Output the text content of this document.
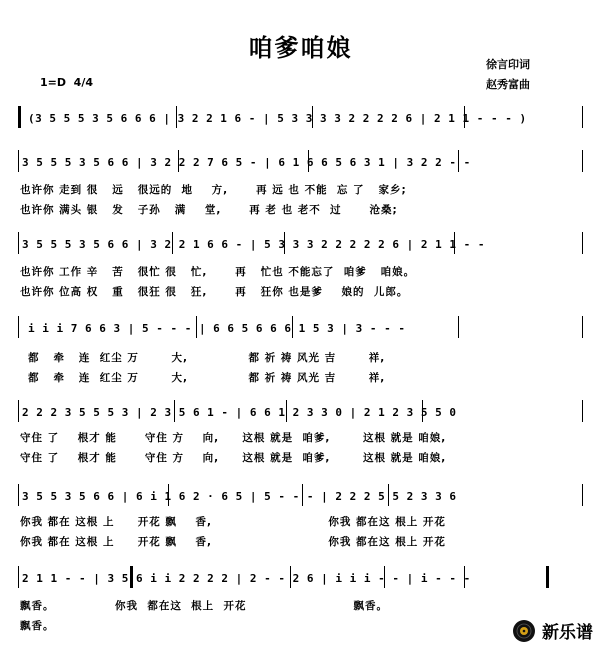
咱爹咱娘
徐言印词
赵秀富曲
1=D  4/4
(3 5 5 5 3 5 6 6 6 | 3 2 2 1 6 - | 5 3 3 3 3 2 2 2 2 6 | 2 1 1 - - - )
3 5 5 5 3 5 6 6 | 3 2 2 2 7 6 5 - | 6 1 6 6 5 6 3 1 | 3 2 2 - -
也许你 走到 很   远   很远的  地    方,      再 远 也 不能  忘 了   家乡;
也许你 满头 银   发   子孙   满    堂,      再 老 也 老不  过      沧桑;
3 5 5 5 3 5 6 6 | 3 2 2 1 6 6 - | 5 3 3 3 2 2 2 2 2 6 | 2 1 1 - -
也许你 工作 辛   苦   很忙 很   忙,      再   忙也 不能忘了  咱爹   咱娘。
也许你 位高 权   重   很狂 很   狂,      再   狂你 也是爹    娘的  儿郎。
i i i 7 6 6 3 | 5 - - - | 6 6 5 6 6 6 1 5 3 | 3 - - -
都   牵   连  红尘 万       大,             都 祈 祷 风光 吉       祥,
都   牵   连  红尘 万       大,             都 祈 祷 风光 吉       祥,
2 2 2 3 5 5 5 3 | 2 3 5 6 1 - | 6 6 1 2 3 3 0 | 2 1 2 3 5 5 0
守住 了    根才 能      守住 方    向,     这根 就是  咱爹,       这根 就是 咱娘,
守住 了    根才 能      守住 方    向,     这根 就是  咱爹,       这根 就是 咱娘,
3 5 5 3 5 6 6 | 6 i 1 6 2 · 6 5 | 5 - - - | 2 2 2 5 5 2 3 3 6
你我 都在 这根 上     开花 飘    香,                         你我 都在这 根上 开花
你我 都在 这根 上     开花 飘    香,                         你我 都在这 根上 开花
2 1 1 - - | 3 5 6 i i 2 2 2 2 | 2 - - 2 6 | i i i - - | i - - -
飘香。             你我  都在这  根上  开花                       飘香。
飘香。	新乐谱
